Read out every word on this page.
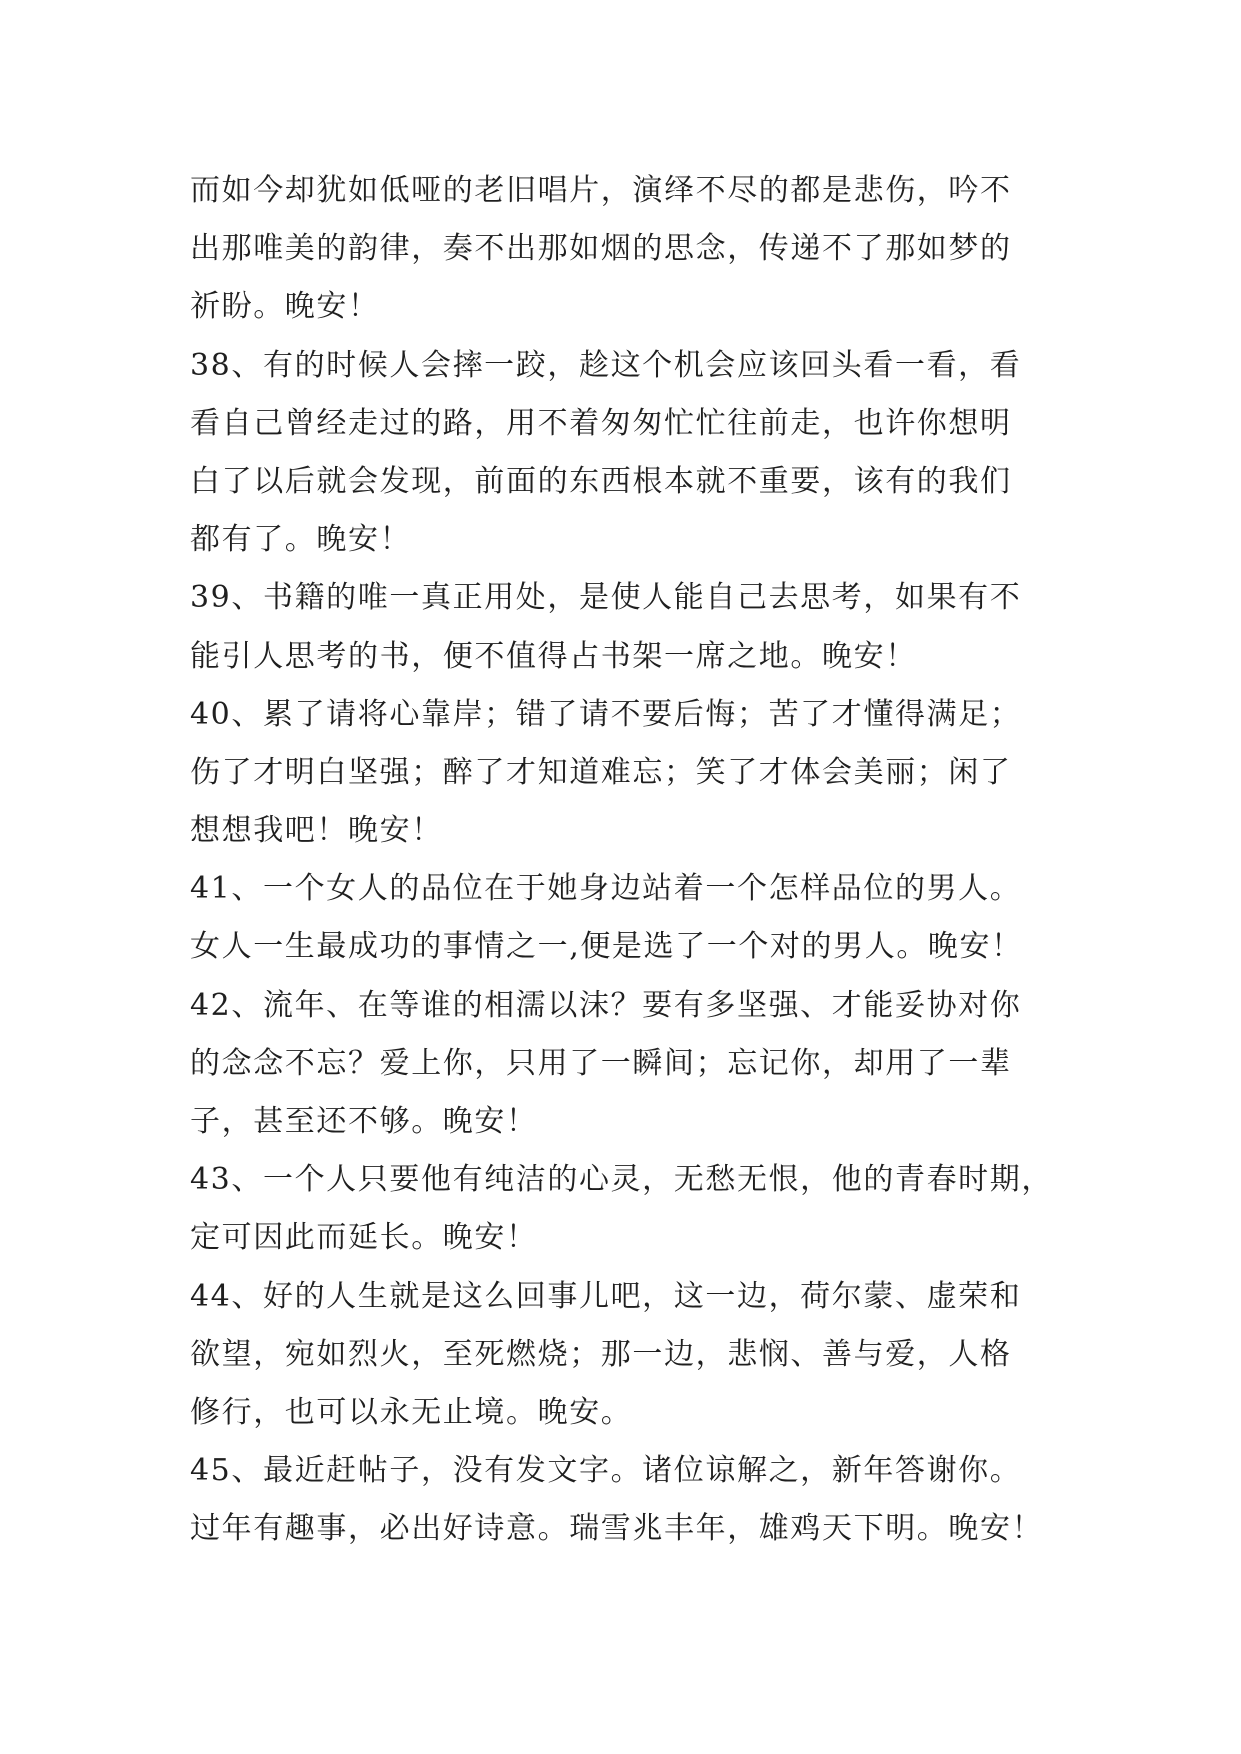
而如今却犹如低哑的老旧唱片，演绎不尽的都是悲伤，吟不
出那唯美的韵律，奏不出那如烟的思念，传递不了那如梦的
祈盼。晚安！
38、有的时候人会摔一跤，趁这个机会应该回头看一看，看
看自己曾经走过的路，用不着匆匆忙忙往前走，也许你想明
白了以后就会发现，前面的东西根本就不重要，该有的我们
都有了。晚安！
39、书籍的唯一真正用处，是使人能自己去思考，如果有不
能引人思考的书，便不值得占书架一席之地。晚安！
40、累了请将心靠岸；错了请不要后悔；苦了才懂得满足；
伤了才明白坚强；醉了才知道难忘；笑了才体会美丽；闲了
想想我吧！晚安！
41、一个女人的品位在于她身边站着一个怎样品位的男人。
女人一生最成功的事情之一,便是选了一个对的男人。晚安！
42、流年、在等谁的相濡以沫？要有多坚强、才能妥协对你
的念念不忘？爱上你，只用了一瞬间；忘记你，却用了一辈
子，甚至还不够。晚安！
43、一个人只要他有纯洁的心灵，无愁无恨，他的青春时期，
定可因此而延长。晚安！
44、好的人生就是这么回事儿吧，这一边，荷尔蒙、虚荣和
欲望，宛如烈火，至死燃烧；那一边，悲悯、善与爱，人格
修行，也可以永无止境。晚安。
45、最近赶帖子，没有发文字。诸位谅解之，新年答谢你。
过年有趣事，必出好诗意。瑞雪兆丰年，雄鸡天下明。晚安！
